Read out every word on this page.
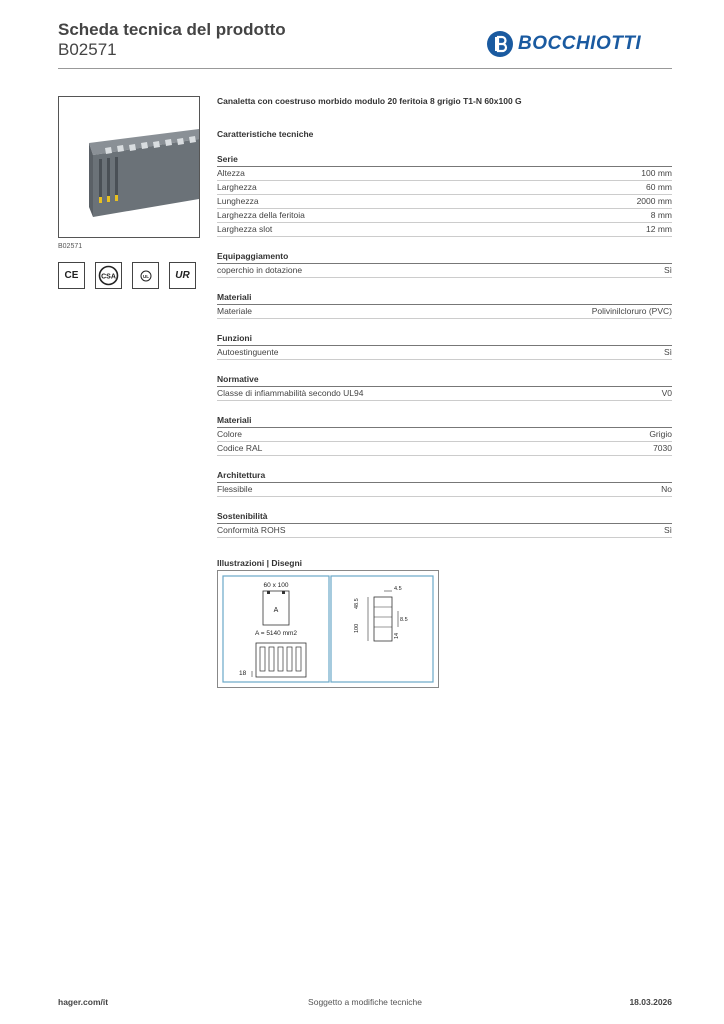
Scheda tecnica del prodotto
B02571	BOCCHIOTTI
B02571
CE	CSA	UL	UR
Canaletta con coestruso morbido modulo 20 feritoia 8 grigio T1-N 60x100 G
Caratteristiche tecniche
Serie
Altezza	100 mm
Larghezza	60 mm
Lunghezza	2000 mm
Larghezza della feritoia	8 mm
Larghezza slot	12 mm
Equipaggiamento
coperchio in dotazione	Sì
Materiali
Materiale	Polivinilcloruro (PVC)
Funzioni
Autoestinguente	Sì
Normative
Classe di infiammabilità secondo UL94	V0
Materiali
Colore	Grigio
Codice RAL	7030
Architettura
Flessibile	No
Sostenibilità
Conformità ROHS	Sì
Illustrazioni | Disegni
60 x 100
A
A = 5140 mm2
18
4.5
48.5
100
8.5
14
hager.com/it	Soggetto a modifiche tecniche	18.03.2026
